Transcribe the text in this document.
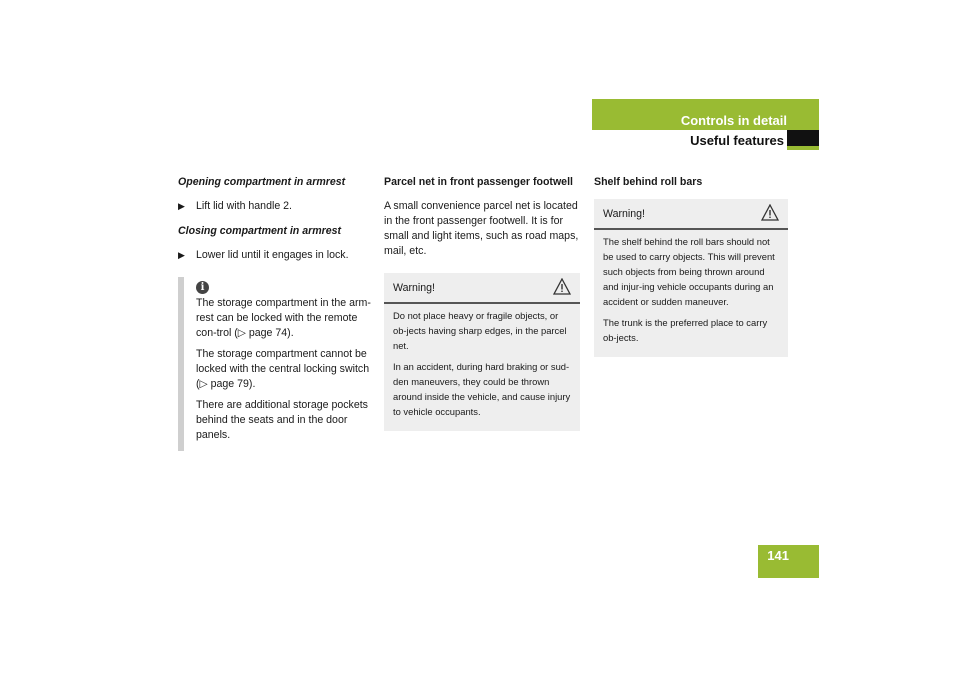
Controls in detail
Useful features
Opening compartment in armrest
▶ Lift lid with handle 2.
Closing compartment in armrest
▶ Lower lid until it engages in lock.
i

The storage compartment in the arm-rest can be locked with the remote con-trol (▷ page 74).

The storage compartment cannot be locked with the central locking switch (▷ page 79).

There are additional storage pockets behind the seats and in the door panels.

Parcel net in front passenger footwell

A small convenience parcel net is located in the front passenger footwell. It is for small and light items, such as road maps, mail, etc.

Warning!

Do not place heavy or fragile objects, or ob-jects having sharp edges, in the parcel net.

In an accident, during hard braking or sud-den maneuvers, they could be thrown around inside the vehicle, and cause injury to vehicle occupants.

Shelf behind roll bars
Warning!

The shelf behind the roll bars should not be used to carry objects. This will prevent such objects from being thrown around and injur-ing vehicle occupants during an accident or sudden maneuver.

The trunk is the preferred place to carry ob-jects.

141
